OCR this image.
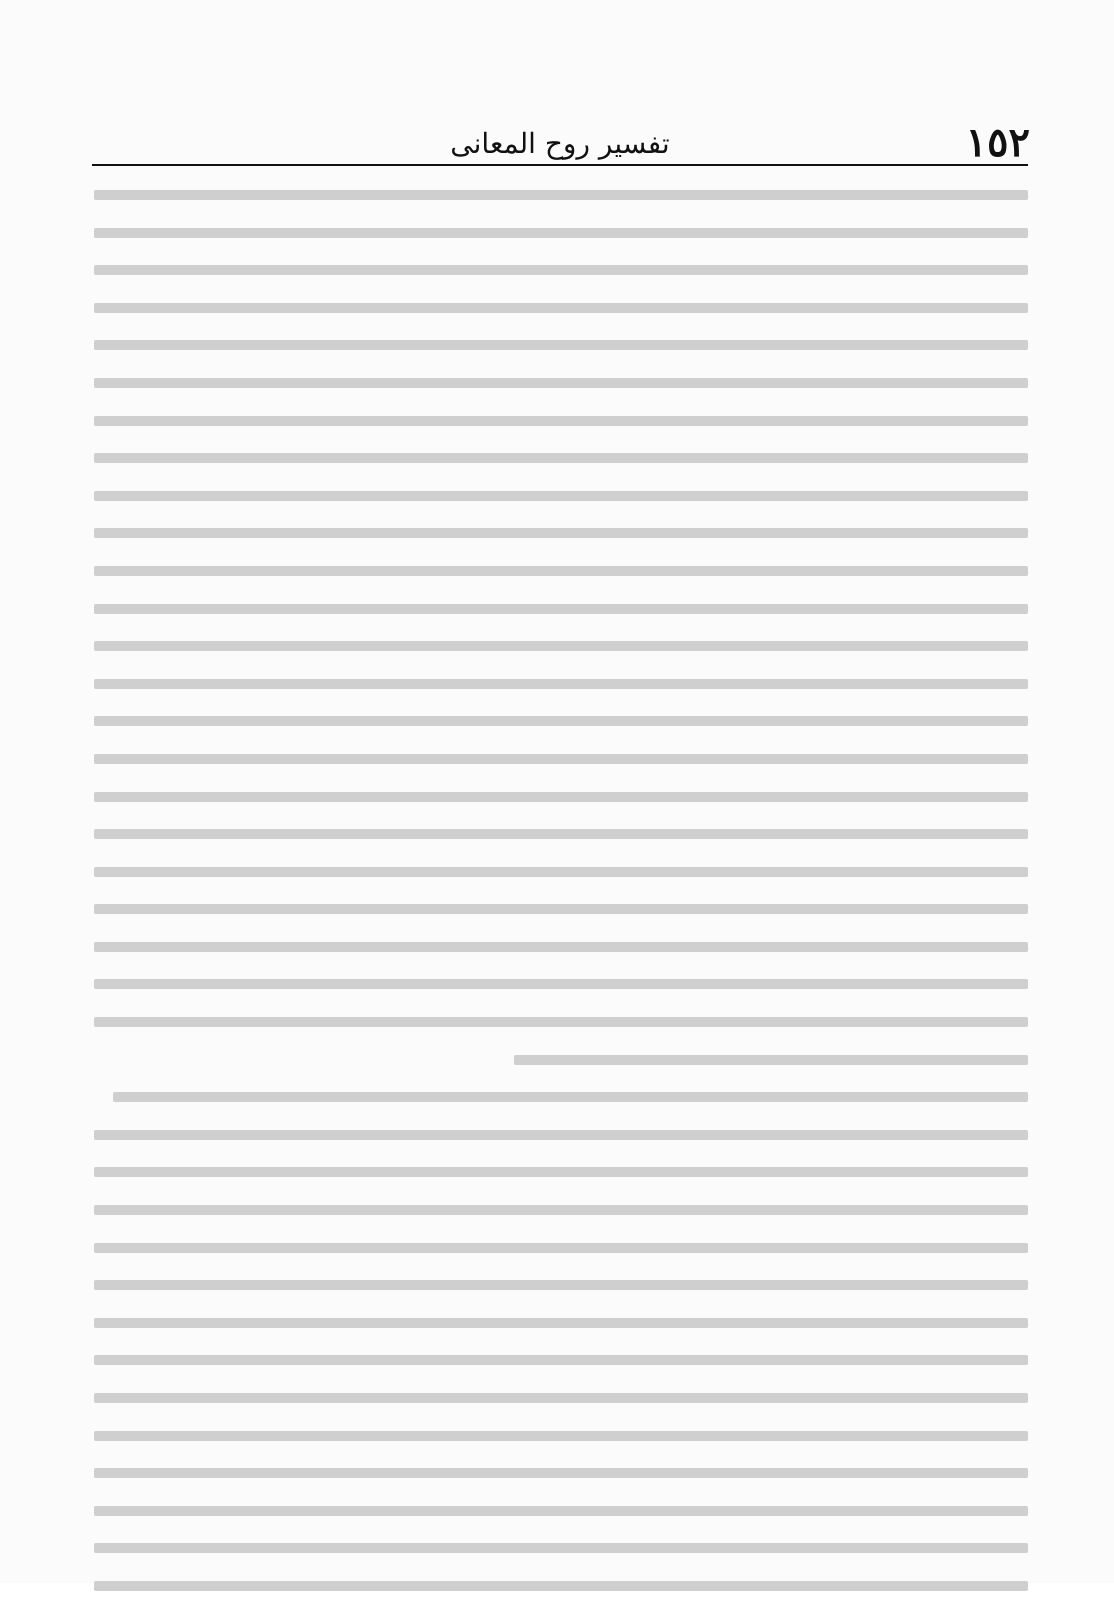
١٥٢
تفسير روح المعانى
